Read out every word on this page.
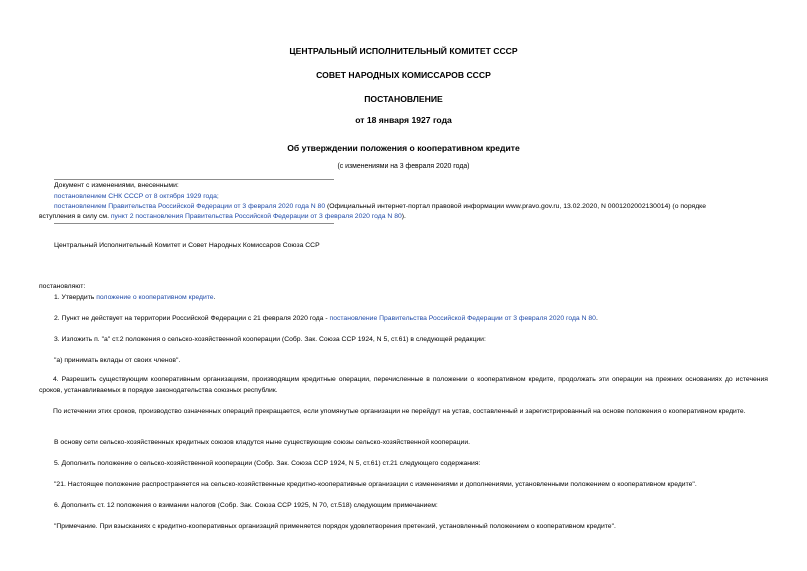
ЦЕНТРАЛЬНЫЙ ИСПОЛНИТЕЛЬНЫЙ КОМИТЕТ СССР
СОВЕТ НАРОДНЫХ КОМИССАРОВ СССР
ПОСТАНОВЛЕНИЕ
от 18 января 1927 года
Об утверждении положения о кооперативном кредите
(с изменениями на 3 февраля 2020 года)
Документ с изменениями, внесенными:
постановлением СНК СССР от 8 октября 1929 года;
постановлением Правительства Российской Федерации от 3 февраля 2020 года N 80 (Официальный интернет-портал правовой информации www.pravo.gov.ru, 13.02.2020, N 0001202002130014) (о порядке
вступления в силу см. пункт 2 постановления Правительства Российской Федерации от 3 февраля 2020 года N 80).
Центральный Исполнительный Комитет и Совет Народных Комиссаров Союза ССР
постановляют:
1. Утвердить положение о кооперативном кредите.
2. Пункт не действует на территории Российской Федерации с 21 февраля 2020 года - постановление Правительства Российской Федерации от 3 февраля 2020 года N 80.
3. Изложить п. "а" ст.2 положения о сельско-хозяйственной кооперации (Собр. Зак. Союза ССР 1924, N 5, ст.61) в следующей редакции:
"а) принимать вклады от своих членов".
4. Разрешить существующим кооперативным организациям, производящим кредитные операции, перечисленные в положении о кооперативном кредите, продолжать эти операции на прежних основаниях до истечения сроков, устанавливаемых в порядке законодательства союзных республик.
По истечении этих сроков, производство означенных операций прекращается, если упомянутые организации не перейдут на устав, составленный и зарегистрированный на основе положения о кооперативном кредите.
В основу сети сельско-хозяйственных кредитных союзов кладутся ныне существующие союзы сельско-хозяйственной кооперации.
5. Дополнить положение о сельско-хозяйственной кооперации (Собр. Зак. Союза ССР 1924, N 5, ст.61) ст.21 следующего содержания:
"21. Настоящее положение распространяется на сельско-хозяйственные кредитно-кооперативные организации с изменениями и дополнениями, установленными положением о кооперативном кредите".
6. Дополнить ст. 12 положения о взимании налогов (Собр. Зак. Союза ССР 1925, N 70, ст.518) следующим примечанием:
"Примечание. При взысканиях с кредитно-кооперативных организаций применяется порядок удовлетворения претензий, установленный положением о кооперативном кредите".
